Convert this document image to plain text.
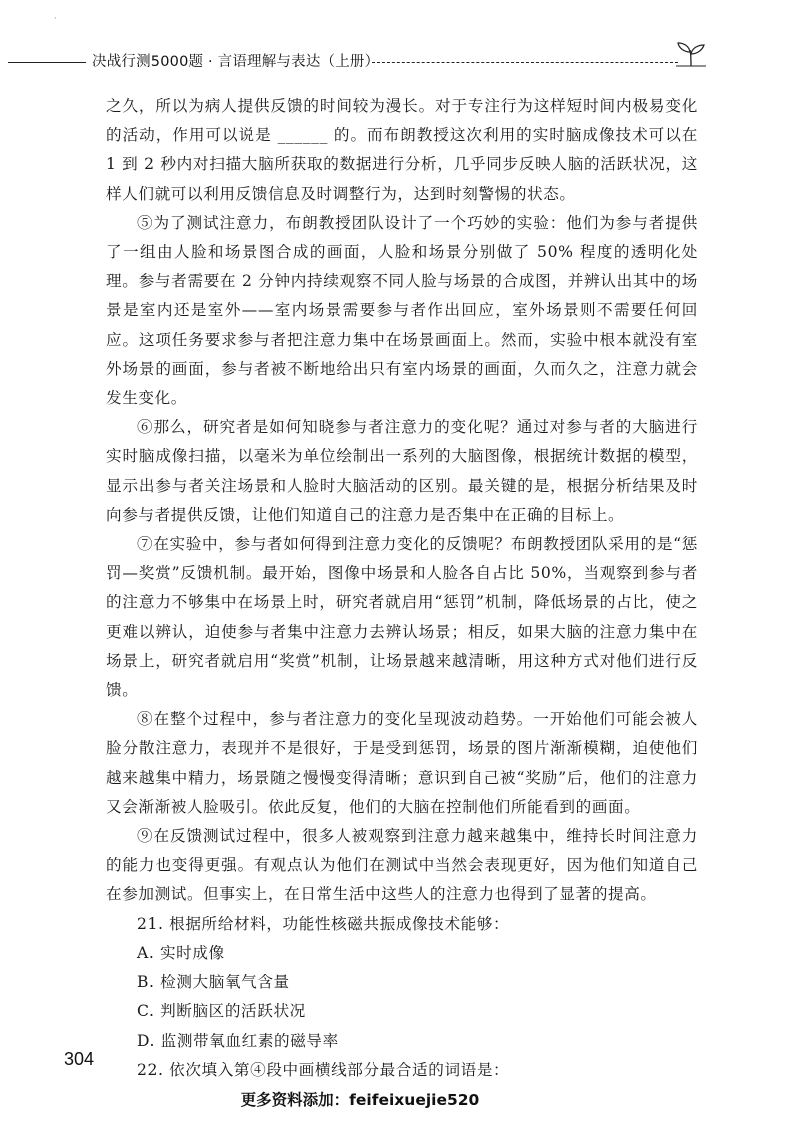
·
决战行测5000题 · 言语理解与表达（上册）

之久，所以为病人提供反馈的时间较为漫长。对于专注行为这样短时间内极易变化的活动，作用可以说是 ______ 的。而布朗教授这次利用的实时脑成像技术可以在 1 到 2 秒内对扫描大脑所获取的数据进行分析，几乎同步反映人脑的活跃状况，这样人们就可以利用反馈信息及时调整行为，达到时刻警惕的状态。

⑤为了测试注意力，布朗教授团队设计了一个巧妙的实验：他们为参与者提供了一组由人脸和场景图合成的画面，人脸和场景分别做了 50% 程度的透明化处理。参与者需要在 2 分钟内持续观察不同人脸与场景的合成图，并辨认出其中的场景是室内还是室外——室内场景需要参与者作出回应，室外场景则不需要任何回应。这项任务要求参与者把注意力集中在场景画面上。然而，实验中根本就没有室外场景的画面，参与者被不断地给出只有室内场景的画面，久而久之，注意力就会发生变化。

⑥那么，研究者是如何知晓参与者注意力的变化呢？通过对参与者的大脑进行实时脑成像扫描，以毫米为单位绘制出一系列的大脑图像，根据统计数据的模型，显示出参与者关注场景和人脸时大脑活动的区别。最关键的是，根据分析结果及时向参与者提供反馈，让他们知道自己的注意力是否集中在正确的目标上。

⑦在实验中，参与者如何得到注意力变化的反馈呢？布朗教授团队采用的是“惩罚—奖赏”反馈机制。最开始，图像中场景和人脸各自占比 50%，当观察到参与者的注意力不够集中在场景上时，研究者就启用“惩罚”机制，降低场景的占比，使之更难以辨认，迫使参与者集中注意力去辨认场景；相反，如果大脑的注意力集中在场景上，研究者就启用“奖赏”机制，让场景越来越清晰，用这种方式对他们进行反馈。

⑧在整个过程中，参与者注意力的变化呈现波动趋势。一开始他们可能会被人脸分散注意力，表现并不是很好，于是受到惩罚，场景的图片渐渐模糊，迫使他们越来越集中精力，场景随之慢慢变得清晰；意识到自己被“奖励”后，他们的注意力又会渐渐被人脸吸引。依此反复，他们的大脑在控制他们所能看到的画面。

⑨在反馈测试过程中，很多人被观察到注意力越来越集中，维持长时间注意力的能力也变得更强。有观点认为他们在测试中当然会表现更好，因为他们知道自己在参加测试。但事实上，在日常生活中这些人的注意力也得到了显著的提高。

21. 根据所给材料，功能性核磁共振成像技术能够：

A. 实时成像

B. 检测大脑氧气含量

C. 判断脑区的活跃状况

D. 监测带氧血红素的磁导率

22. 依次填入第④段中画横线部分最合适的词语是：

304
更多资料添加：feifeixuejie520
